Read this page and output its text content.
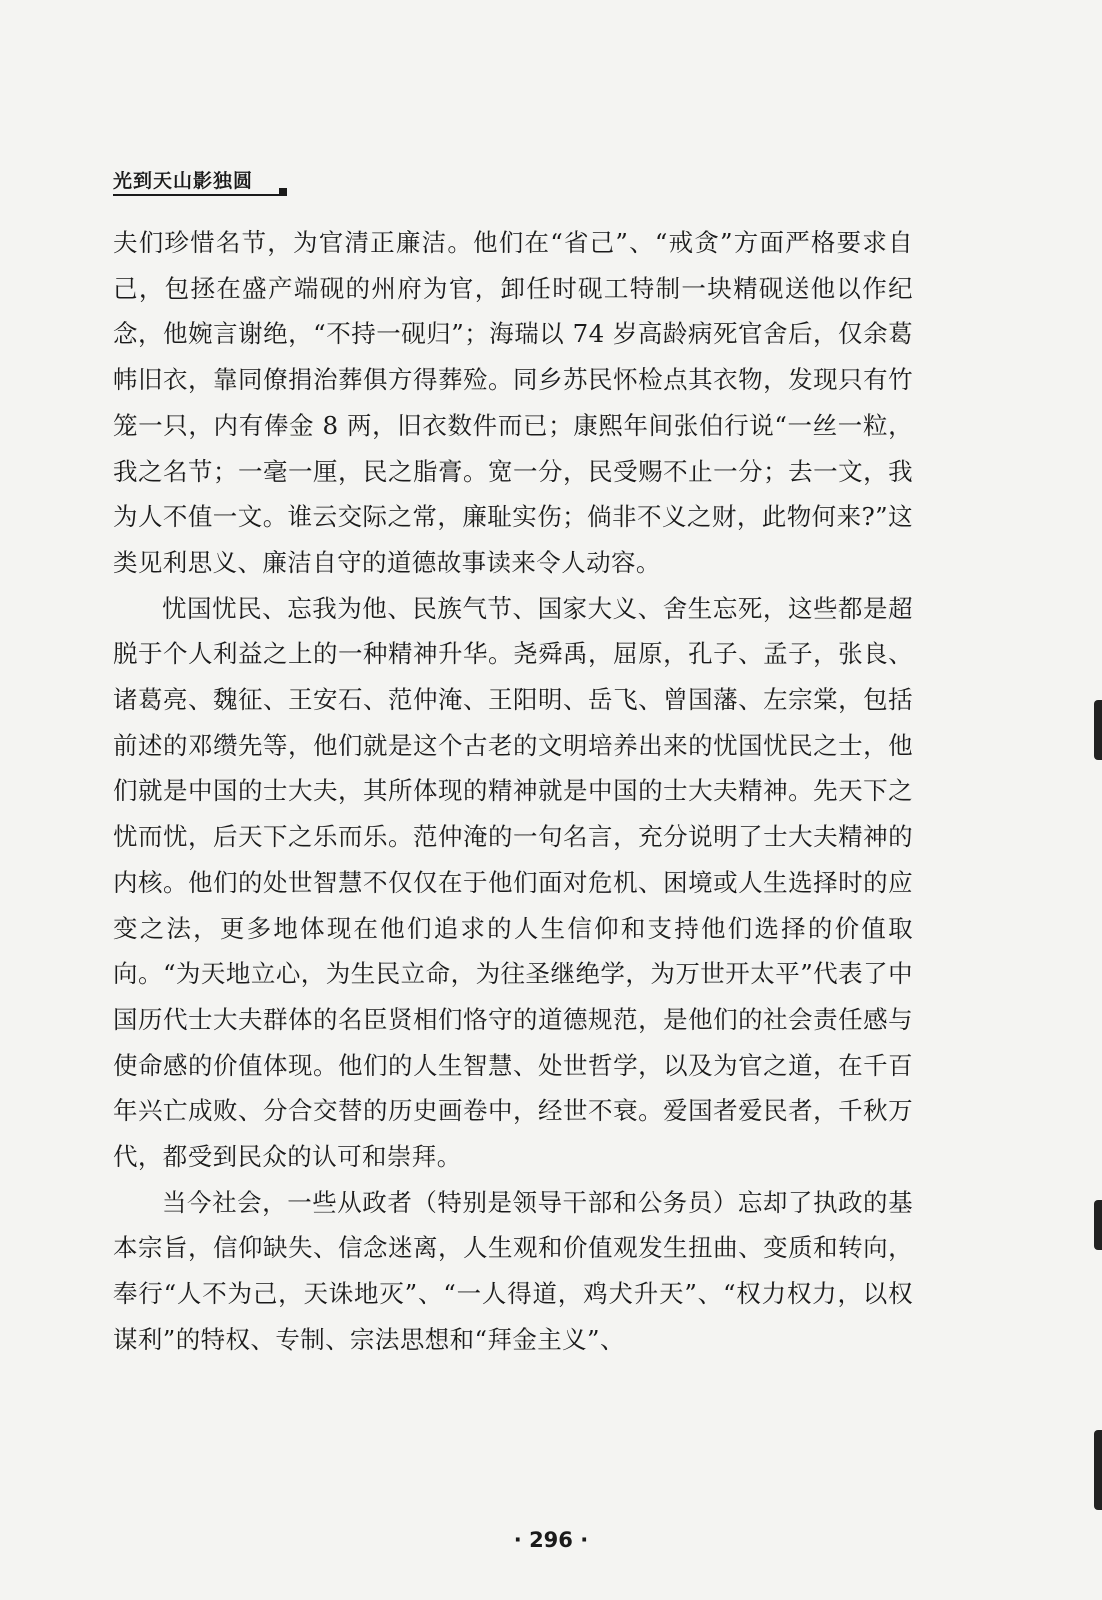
光到天山影独圆

夫们珍惜名节，为官清正廉洁。他们在“省己”、“戒贪”方面严格要求自己，包拯在盛产端砚的州府为官，卸任时砚工特制一块精砚送他以作纪念，他婉言谢绝，“不持一砚归”；海瑞以 74 岁高龄病死官舍后，仅余葛帏旧衣，靠同僚捐治葬俱方得葬殓。同乡苏民怀检点其衣物，发现只有竹笼一只，内有俸金 8 两，旧衣数件而已；康熙年间张伯行说“一丝一粒，我之名节；一毫一厘，民之脂膏。宽一分，民受赐不止一分；去一文，我为人不值一文。谁云交际之常，廉耻实伤；倘非不义之财，此物何来?”这类见利思义、廉洁自守的道德故事读来令人动容。

忧国忧民、忘我为他、民族气节、国家大义、舍生忘死，这些都是超脱于个人利益之上的一种精神升华。尧舜禹，屈原，孔子、孟子，张良、诸葛亮、魏征、王安石、范仲淹、王阳明、岳飞、曾国藩、左宗棠，包括前述的邓缵先等，他们就是这个古老的文明培养出来的忧国忧民之士，他们就是中国的士大夫，其所体现的精神就是中国的士大夫精神。先天下之忧而忧，后天下之乐而乐。范仲淹的一句名言，充分说明了士大夫精神的内核。他们的处世智慧不仅仅在于他们面对危机、困境或人生选择时的应变之法，更多地体现在他们追求的人生信仰和支持他们选择的价值取向。“为天地立心，为生民立命，为往圣继绝学，为万世开太平”代表了中国历代士大夫群体的名臣贤相们恪守的道德规范，是他们的社会责任感与使命感的价值体现。他们的人生智慧、处世哲学，以及为官之道，在千百年兴亡成败、分合交替的历史画卷中，经世不衰。爱国者爱民者，千秋万代，都受到民众的认可和崇拜。

当今社会，一些从政者（特别是领导干部和公务员）忘却了执政的基本宗旨，信仰缺失、信念迷离，人生观和价值观发生扭曲、变质和转向，奉行“人不为己，天诛地灭”、“一人得道，鸡犬升天”、“权力权力，以权谋利”的特权、专制、宗法思想和“拜金主义”、

· 296 ·
